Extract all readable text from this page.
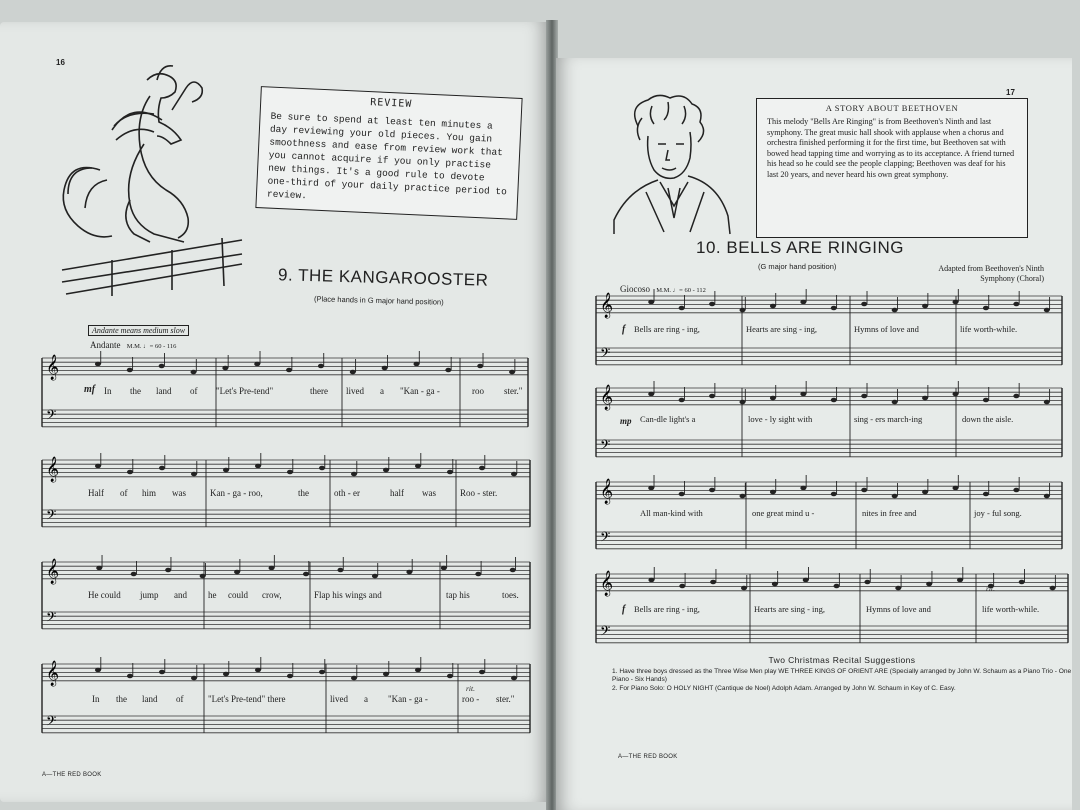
16
REVIEW
Be sure to spend at least ten minutes a day reviewing your old pieces. You gain smoothness and ease from review work that you cannot acquire if you only practise new things. It's a good rule to devote one-third of your daily practice period to review.
9. THE KANGAROOSTER
(Place hands in G major hand position)
Andante means medium slow
Andante M.M. ♩= 60 - 116
𝄞
𝄢
𝄞
𝄢
𝄞
𝄢
𝄞
𝄢
mf In the land of "Let's Pre-tend"	there lived a "Kan - ga -	roo ster."
Half of him was	Kan - ga - roo,	the	oth - er	half was	Roo - ster.
He could jump and he could crow,	Flap his wings and	tap his	toes.
rit.
In the land of	"Let's Pre-tend" there	lived a "Kan - ga -	roo - ster."
A—THE RED BOOK
17
A STORY ABOUT BEETHOVEN
This melody "Bells Are Ringing" is from Beethoven's Ninth and last symphony. The great music hall shook with applause when a chorus and orchestra finished performing it for the first time, but Beethoven sat with bowed head tapping time and worrying as to its acceptance. A friend turned his head so he could see the people clapping; Beethoven was deaf for his last 20 years, and never heard his own great symphony.
10. BELLS ARE RINGING
(G major hand position)	Adapted from Beethoven's Ninth Symphony (Choral)
Giocoso M.M. ♩= 60 - 112
𝄞
𝄢
𝄞
𝄢
𝄞
𝄢
𝄞
𝄢
f Bells are ring - ing,	Hearts are sing - ing,	Hymns of love and	life worth-while.
mp Can-dle light's a	love - ly sight with	sing - ers march-ing	down the aisle.
All man-kind with	one great mind u -	nites in free and	joy - ful song.
f
rit.
Bells are ring - ing,	Hearts are sing - ing,	Hymns of love and	life worth-while.
Two Christmas Recital Suggestions
1. Have three boys dressed as the Three Wise Men play WE THREE KINGS OF ORIENT ARE (Specially arranged by John W. Schaum as a Piano Trio - One Piano - Six Hands)
2. For Piano Solo: O HOLY NIGHT (Cantique de Noel) Adolph Adam. Arranged by John W. Schaum in Key of C. Easy.
A—THE RED BOOK
